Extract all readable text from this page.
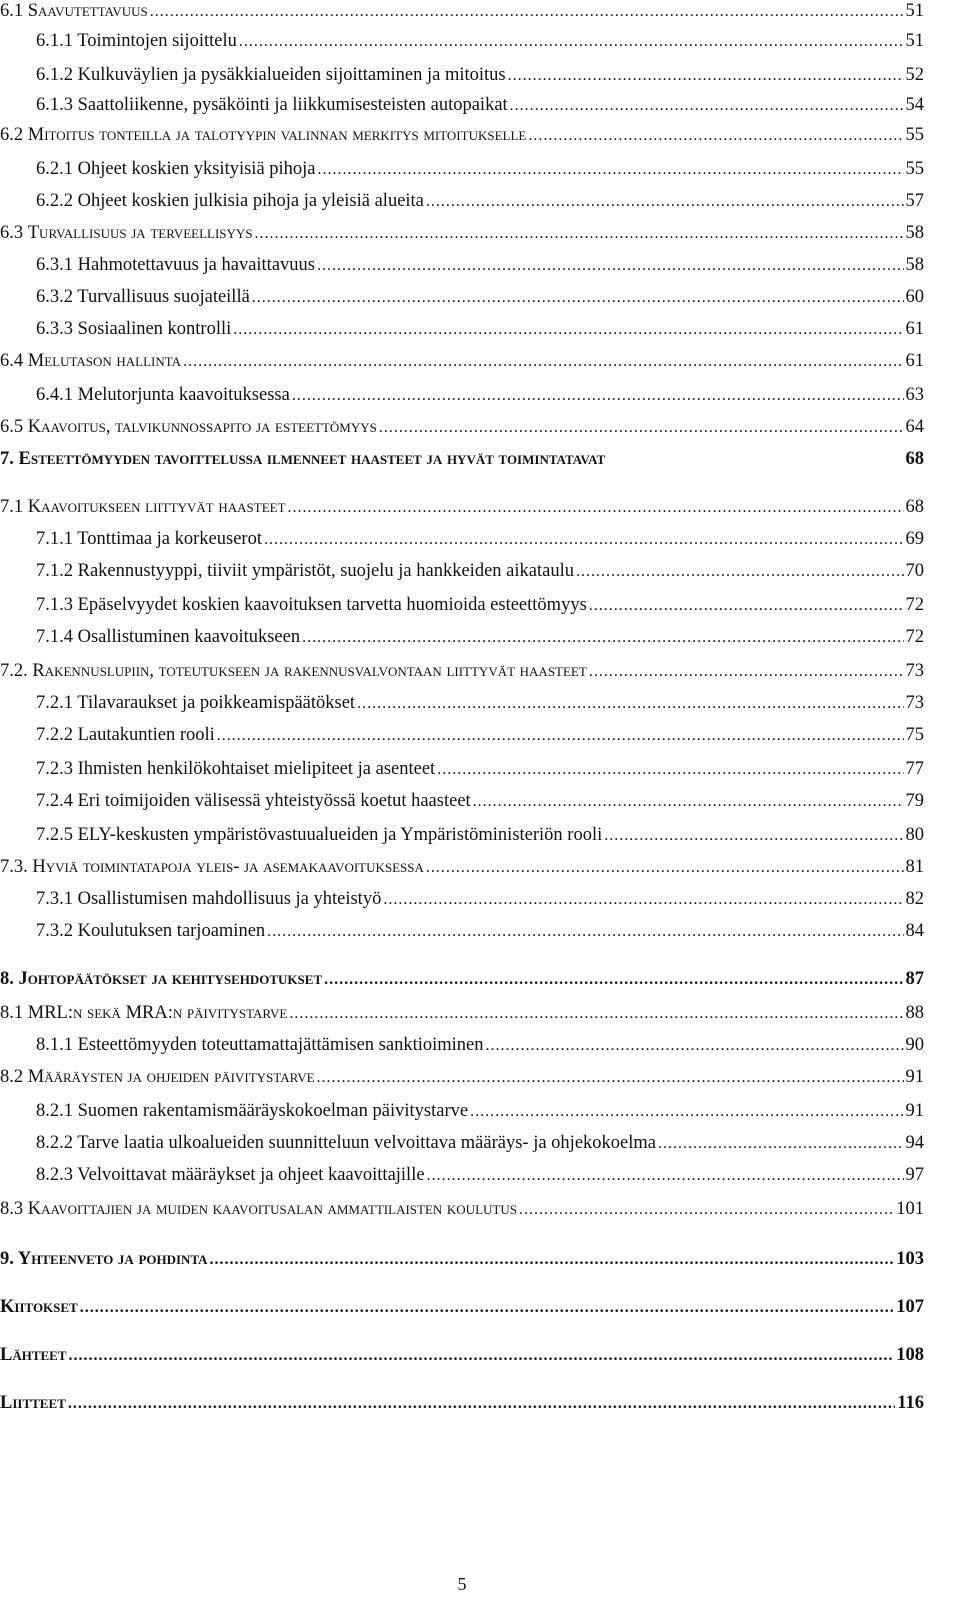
6.1 Saavutettavuus .....	51
6.1.1 Toimintojen sijoittelu .....	51
6.1.2 Kulkuväylien ja pysäkkialueiden sijoittaminen ja mitoitus .....	52
6.1.3 Saattoliikenne, pysäköinti ja liikkumisesteisten autopaikat .....	54
6.2 Mitoitus tonteilla ja talotyypin valinnan merkitys mitoitukselle .....	55
6.2.1 Ohjeet koskien yksityisiä pihoja .....	55
6.2.2 Ohjeet koskien julkisia pihoja ja yleisiä alueita .....	57
6.3 Turvallisuus ja terveellisyys .....	58
6.3.1 Hahmotettavuus ja havaittavuus .....	58
6.3.2 Turvallisuus suojateillä .....	60
6.3.3 Sosiaalinen kontrolli .....	61
6.4 Melutason hallinta .....	61
6.4.1 Melutorjunta kaavoituksessa .....	63
6.5 Kaavoitus, talvikunnossapito ja esteettömyys .....	64
7. Esteettömyyden tavoittelussa ilmenneet haasteet ja hyvät toimintatavat	68
7.1 Kaavoitukseen liittyvät haasteet .....	68
7.1.1 Tonttimaa ja korkeuserot .....	69
7.1.2 Rakennustyyppi, tiiviit ympäristöt, suojelu ja hankkeiden aikataulu .....	70
7.1.3 Epäselvyydet koskien kaavoituksen tarvetta huomioida esteettömyys .....	72
7.1.4 Osallistuminen kaavoitukseen .....	72
7.2. Rakennuslupiin, toteutukseen ja rakennusvalvontaan liittyvät haasteet .....	73
7.2.1 Tilavaraukset ja poikkeamispäätökset .....	73
7.2.2 Lautakuntien rooli .....	75
7.2.3 Ihmisten henkilökohtaiset mielipiteet ja asenteet .....	77
7.2.4 Eri toimijoiden välisessä yhteistyössä koetut haasteet .....	79
7.2.5 ELY-keskusten ympäristövastuualueiden ja Ympäristöministeriön rooli .....	80
7.3. Hyviä toimintatapoja yleis- ja asemakaavoituksessa .....	81
7.3.1 Osallistumisen mahdollisuus ja yhteistyö .....	82
7.3.2 Koulutuksen tarjoaminen .....	84
8. Johtopäätökset ja kehitysehdotukset .....	87
8.1 MRL:n sekä MRA:n päivitystarve .....	88
8.1.1 Esteettömyyden toteuttamattajättämisen sanktioiminen .....	90
8.2 Määräysten ja ohjeiden päivitystarve .....	91
8.2.1 Suomen rakentamismääräyskokoelman päivitystarve .....	91
8.2.2 Tarve laatia ulkoalueiden suunnitteluun velvoittava määräys- ja ohjekokoelma .....	94
8.2.3 Velvoittavat määräykset ja ohjeet kaavoittajille .....	97
8.3 Kaavoittajien ja muiden kaavoitusalan ammattilaisten koulutus .....	101
9. Yhteenveto ja pohdinta .....	103
Kiitokset .....	107
Lähteet .....	108
Liitteet .....	116
5
